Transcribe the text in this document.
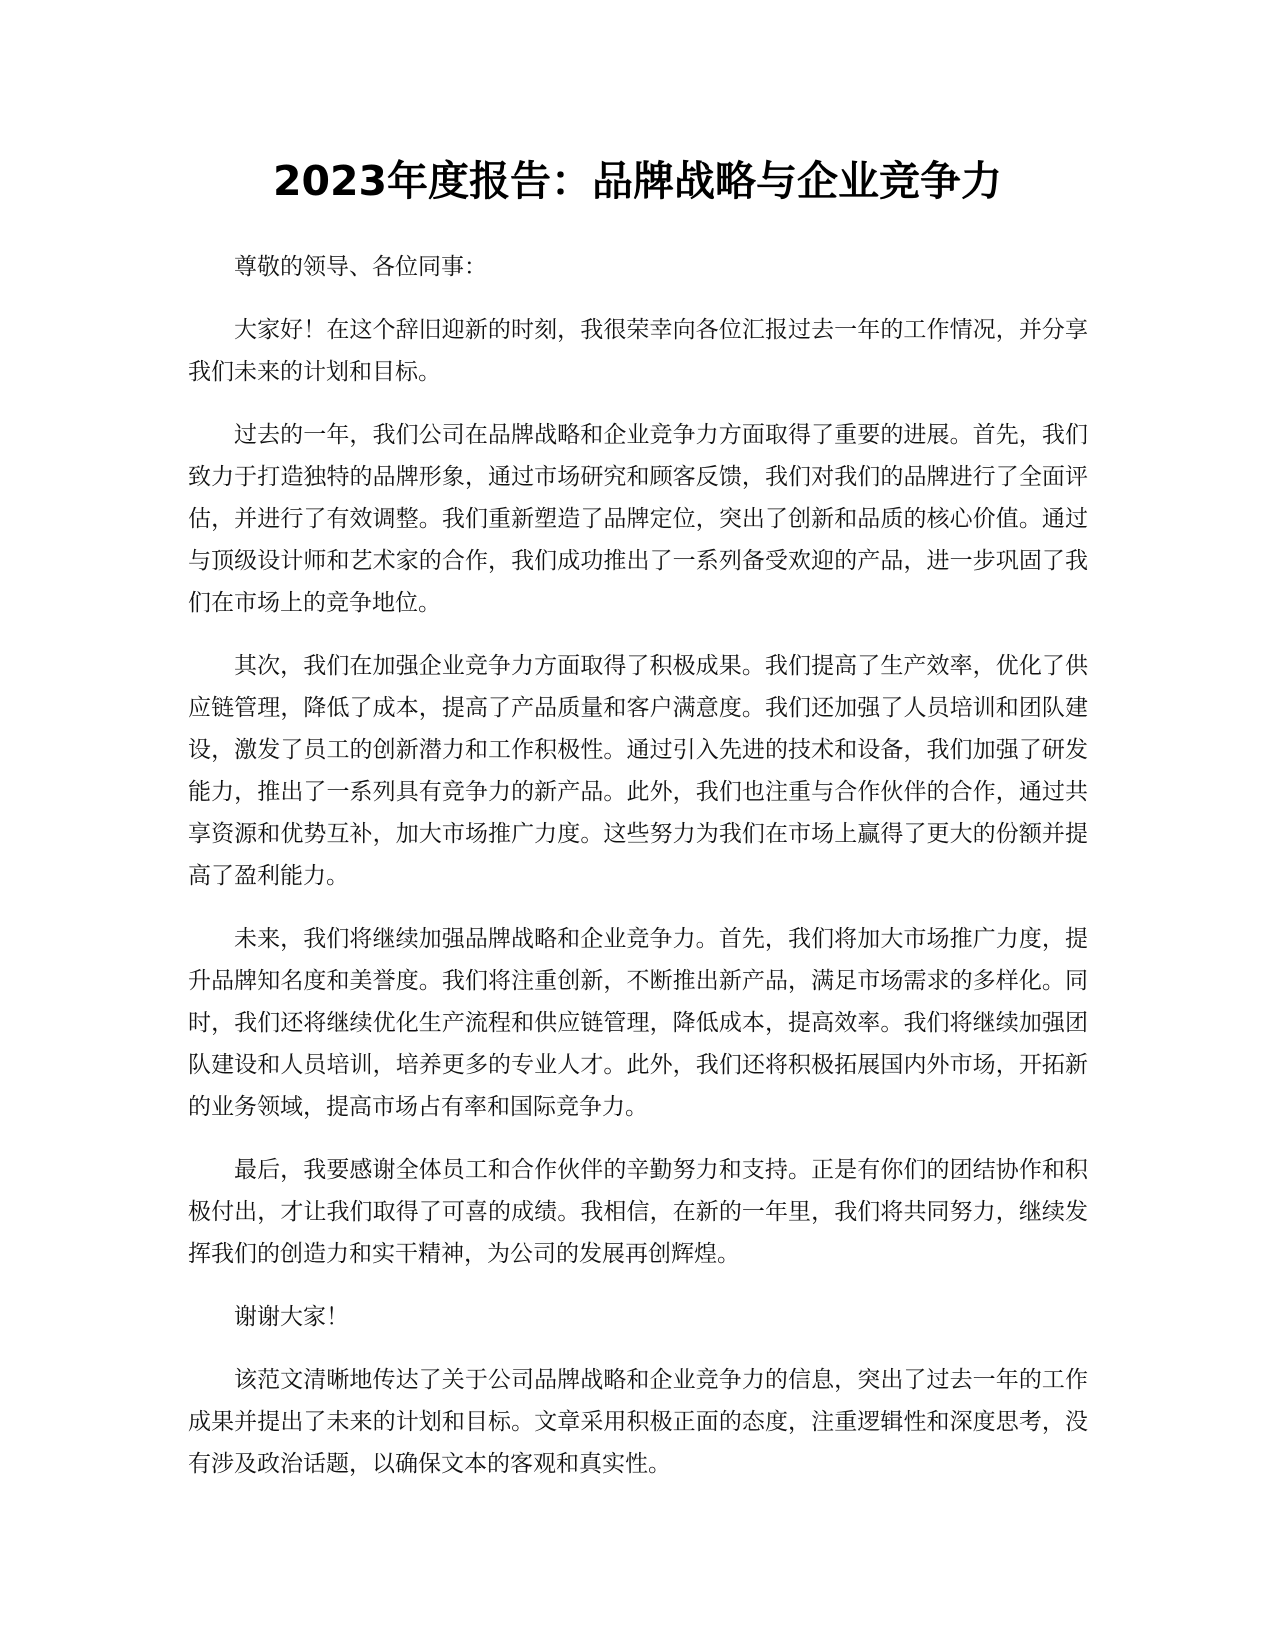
2023年度报告：品牌战略与企业竞争力

尊敬的领导、各位同事：

大家好！在这个辞旧迎新的时刻，我很荣幸向各位汇报过去一年的工作情况，并分享我们未来的计划和目标。

过去的一年，我们公司在品牌战略和企业竞争力方面取得了重要的进展。首先，我们致力于打造独特的品牌形象，通过市场研究和顾客反馈，我们对我们的品牌进行了全面评估，并进行了有效调整。我们重新塑造了品牌定位，突出了创新和品质的核心价值。通过与顶级设计师和艺术家的合作，我们成功推出了一系列备受欢迎的产品，进一步巩固了我们在市场上的竞争地位。

其次，我们在加强企业竞争力方面取得了积极成果。我们提高了生产效率，优化了供应链管理，降低了成本，提高了产品质量和客户满意度。我们还加强了人员培训和团队建设，激发了员工的创新潜力和工作积极性。通过引入先进的技术和设备，我们加强了研发能力，推出了一系列具有竞争力的新产品。此外，我们也注重与合作伙伴的合作，通过共享资源和优势互补，加大市场推广力度。这些努力为我们在市场上赢得了更大的份额并提高了盈利能力。

未来，我们将继续加强品牌战略和企业竞争力。首先，我们将加大市场推广力度，提升品牌知名度和美誉度。我们将注重创新，不断推出新产品，满足市场需求的多样化。同时，我们还将继续优化生产流程和供应链管理，降低成本，提高效率。我们将继续加强团队建设和人员培训，培养更多的专业人才。此外，我们还将积极拓展国内外市场，开拓新的业务领域，提高市场占有率和国际竞争力。

最后，我要感谢全体员工和合作伙伴的辛勤努力和支持。正是有你们的团结协作和积极付出，才让我们取得了可喜的成绩。我相信，在新的一年里，我们将共同努力，继续发挥我们的创造力和实干精神，为公司的发展再创辉煌。

谢谢大家！

该范文清晰地传达了关于公司品牌战略和企业竞争力的信息，突出了过去一年的工作成果并提出了未来的计划和目标。文章采用积极正面的态度，注重逻辑性和深度思考，没有涉及政治话题，以确保文本的客观和真实性。
